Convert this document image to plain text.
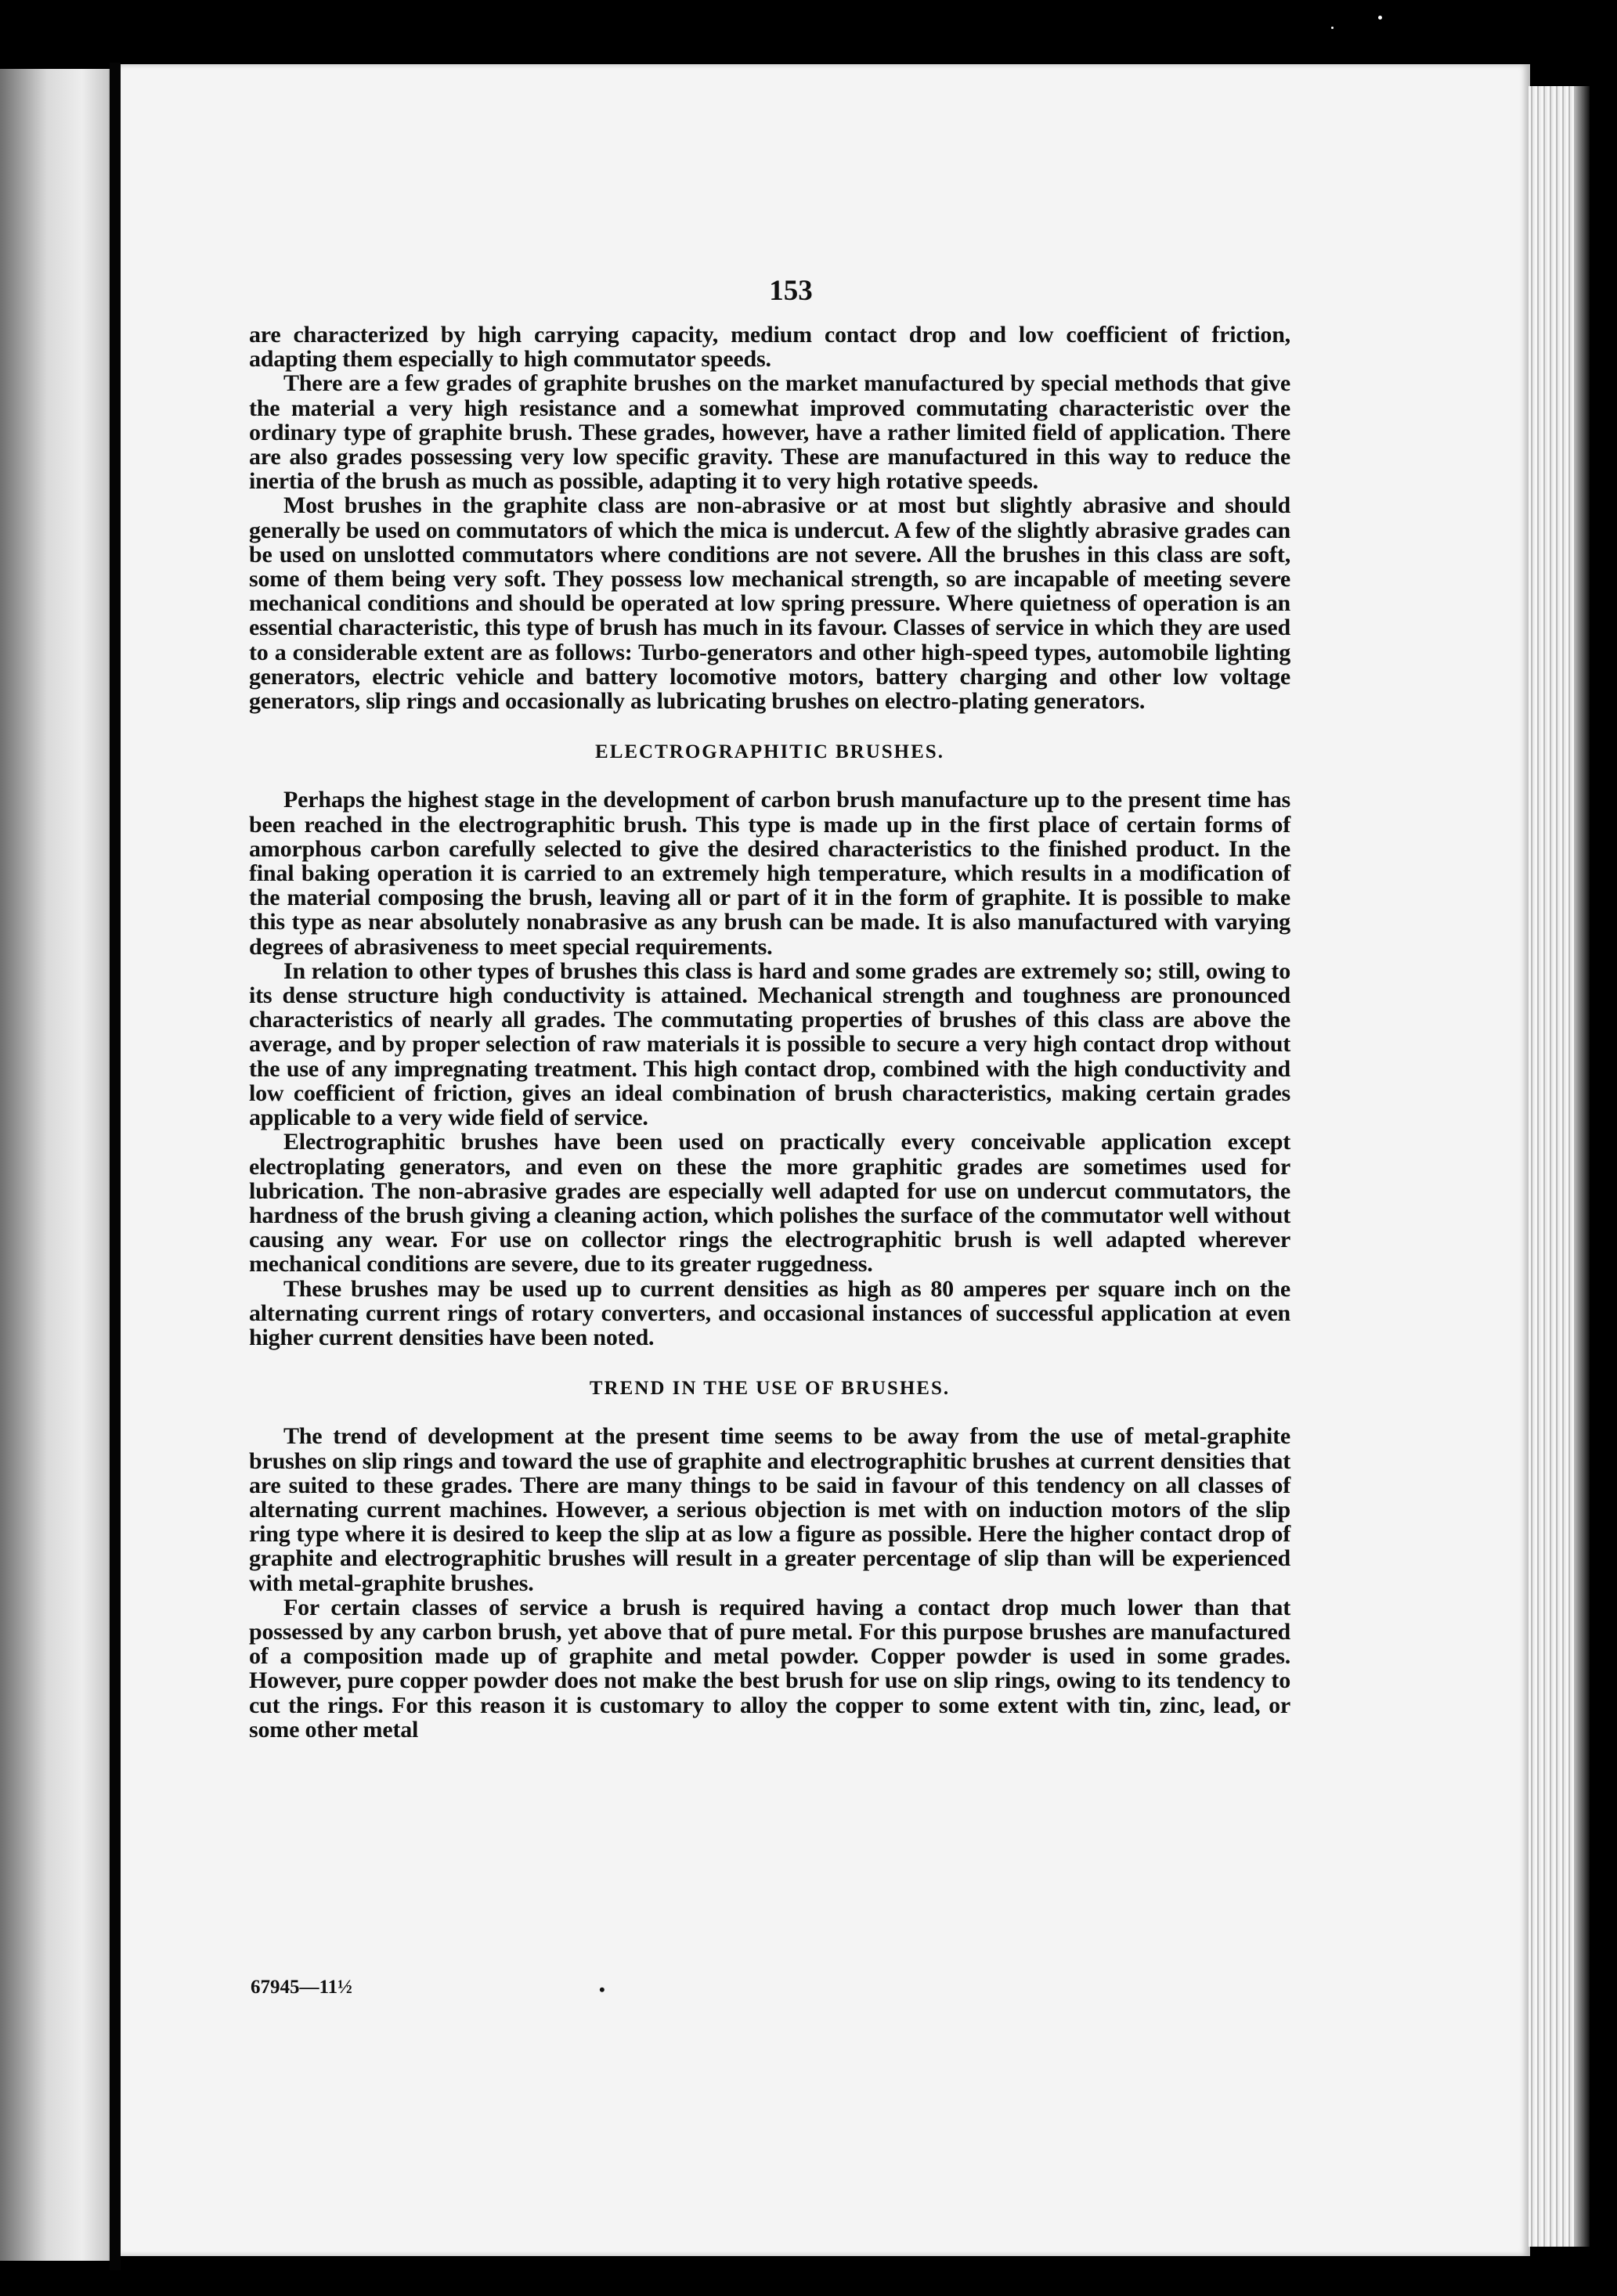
153

are characterized by high carrying capacity, medium contact drop and low coefficient of friction, adapting them especially to high commutator speeds.

There are a few grades of graphite brushes on the market manufactured by special methods that give the material a very high resistance and a somewhat improved commutating characteristic over the ordinary type of graphite brush. These grades, however, have a rather limited field of application. There are also grades possessing very low specific gravity. These are manufactured in this way to reduce the inertia of the brush as much as possible, adapting it to very high rotative speeds.

Most brushes in the graphite class are non-abrasive or at most but slightly abrasive and should generally be used on commutators of which the mica is undercut. A few of the slightly abrasive grades can be used on unslotted commutators where conditions are not severe. All the brushes in this class are soft, some of them being very soft. They possess low mechanical strength, so are incapable of meeting severe mechanical conditions and should be operated at low spring pressure. Where quietness of operation is an essential characteristic, this type of brush has much in its favour. Classes of service in which they are used to a considerable extent are as follows: Turbo-generators and other high-speed types, automobile lighting generators, electric vehicle and battery locomotive motors, battery charging and other low voltage generators, slip rings and occasionally as lubricating brushes on electro-plating generators.

ELECTROGRAPHITIC BRUSHES.

Perhaps the highest stage in the development of carbon brush manufacture up to the present time has been reached in the electrographitic brush. This type is made up in the first place of certain forms of amorphous carbon carefully selected to give the desired characteristics to the finished product. In the final baking operation it is carried to an extremely high temperature, which results in a modification of the material composing the brush, leaving all or part of it in the form of graphite. It is possible to make this type as near absolutely nonabrasive as any brush can be made. It is also manufactured with varying degrees of abrasiveness to meet special requirements.

In relation to other types of brushes this class is hard and some grades are extremely so; still, owing to its dense structure high conductivity is attained. Mechanical strength and toughness are pronounced characteristics of nearly all grades. The commutating properties of brushes of this class are above the average, and by proper selection of raw materials it is possible to secure a very high contact drop without the use of any impregnating treatment. This high contact drop, combined with the high conductivity and low coefficient of friction, gives an ideal combination of brush characteristics, making certain grades applicable to a very wide field of service.

Electrographitic brushes have been used on practically every conceivable application except electroplating generators, and even on these the more graphitic grades are sometimes used for lubrication. The non-abrasive grades are especially well adapted for use on undercut commutators, the hardness of the brush giving a cleaning action, which polishes the surface of the commutator well without causing any wear. For use on collector rings the electrographitic brush is well adapted wherever mechanical conditions are severe, due to its greater ruggedness.

These brushes may be used up to current densities as high as 80 amperes per square inch on the alternating current rings of rotary converters, and occasional instances of successful application at even higher current densities have been noted.

TREND IN THE USE OF BRUSHES.

The trend of development at the present time seems to be away from the use of metal-graphite brushes on slip rings and toward the use of graphite and electrographitic brushes at current densities that are suited to these grades. There are many things to be said in favour of this tendency on all classes of alternating current machines. However, a serious objection is met with on induction motors of the slip ring type where it is desired to keep the slip at as low a figure as possible. Here the higher contact drop of graphite and electrographitic brushes will result in a greater percentage of slip than will be experienced with metal-graphite brushes.

For certain classes of service a brush is required having a contact drop much lower than that possessed by any carbon brush, yet above that of pure metal. For this purpose brushes are manufactured of a composition made up of graphite and metal powder. Copper powder is used in some grades. However, pure copper powder does not make the best brush for use on slip rings, owing to its tendency to cut the rings. For this reason it is customary to alloy the copper to some extent with tin, zinc, lead, or some other metal

67945—11½	•
